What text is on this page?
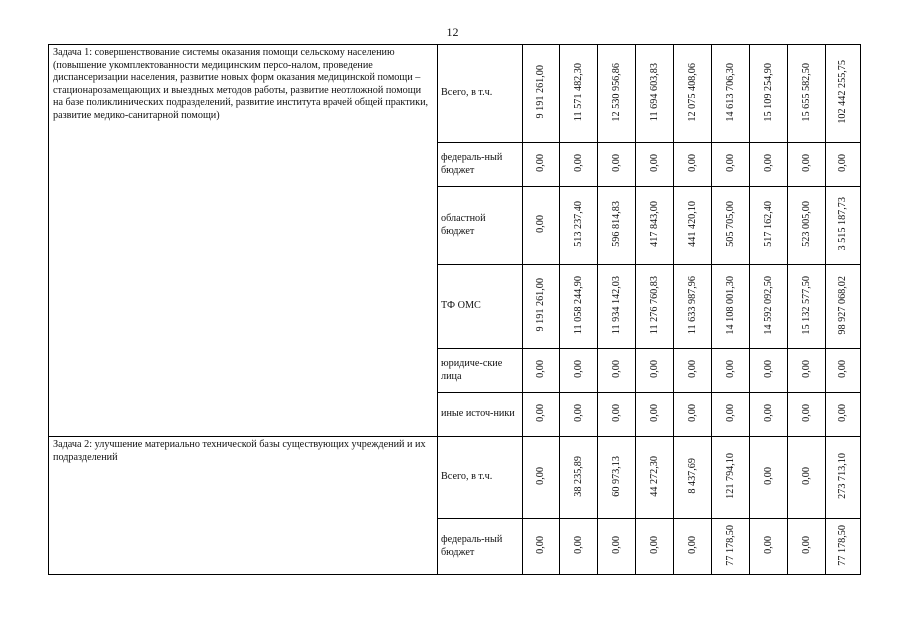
12
Задача 1: совершенствование системы оказания помощи сельскому населению (повышение укомплектованности медицинским персо-налом, проведение диспансеризации населения, развитие новых форм оказания медицинской помощи – стационарозамещающих и выездных методов работы, развитие неотложной помощи на базе поликлинических подразделений, развитие института врачей общей практики, развитие медико-санитарной помощи)	Всего, в т.ч.	9 191 261,00	11 571 482,30	12 530 956,86	11 694 603,83	12 075 408,06	14 613 706,30	15 109 254,90	15 655 582,50	102 442 255,75
	федераль-ный бюджет	0,00	0,00	0,00	0,00	0,00	0,00	0,00	0,00	0,00
	областной бюджет	0,00	513 237,40	596 814,83	417 843,00	441 420,10	505 705,00	517 162,40	523 005,00	3 515 187,73
	ТФ ОМС	9 191 261,00	11 058 244,90	11 934 142,03	11 276 760,83	11 633 987,96	14 108 001,30	14 592 092,50	15 132 577,50	98 927 068,02
	юридиче-ские лица	0,00	0,00	0,00	0,00	0,00	0,00	0,00	0,00	0,00
	иные источ-ники	0,00	0,00	0,00	0,00	0,00	0,00	0,00	0,00	0,00
Задача 2: улучшение материально технической базы существующих учреждений и их подразделений	Всего, в т.ч.	0,00	38 235,89	60 973,13	44 272,30	8 437,69	121 794,10	0,00	0,00	273 713,10
	федераль-ный бюджет	0,00	0,00	0,00	0,00	0,00	77 178,50	0,00	0,00	77 178,50
